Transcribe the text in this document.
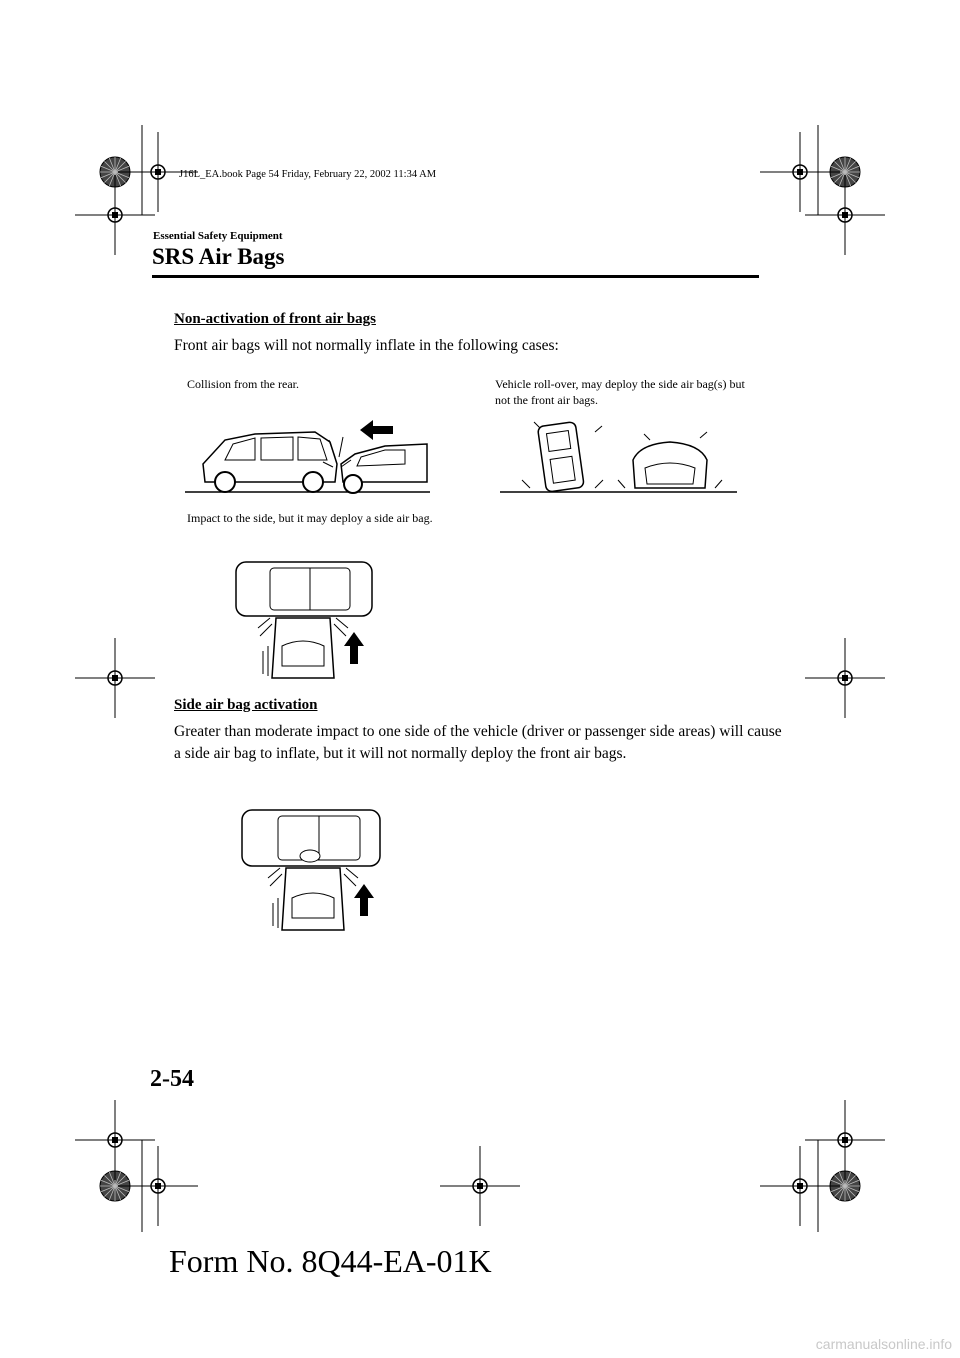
J16L_EA.book Page 54 Friday, February 22, 2002 11:34 AM
Essential Safety Equipment
SRS Air Bags
Non-activation of front air bags
Front air bags will not normally inflate in the following cases:
Collision from the rear.	Vehicle roll-over, may deploy the side air bag(s) but not the front air bags.
Impact to the side, but it may deploy a side air bag.
Side air bag activation
Greater than moderate impact to one side of the vehicle (driver or passenger side areas) will cause a side air bag to inflate, but it will not normally deploy the front air bags.
2-54
Form No. 8Q44-EA-01K
carmanualsonline.info
